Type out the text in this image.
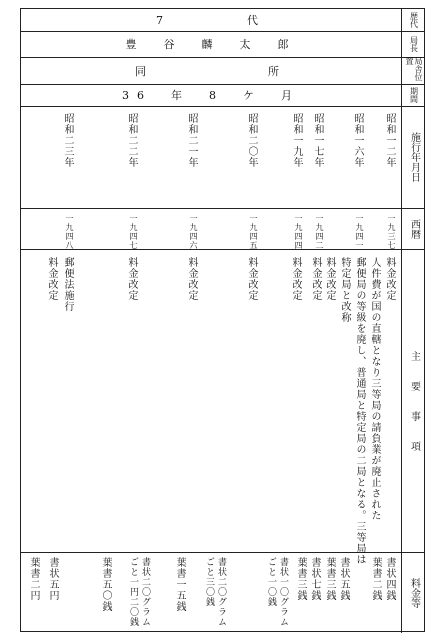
7　　　　代
豊　谷　麟　太　郎
同　　　　　　所
36　年　8　ケ　月
歴代
局長
局舎位置
期間
施行年月日
西暦
主　　要　　事　　項
料金等
昭和一二年
一九三七
料金改定
人件費が国の直轄となり三等局の請負業が廃止された
郵便局の等級を廃し、普通局と特定局の二局となる。三等局は
特定局と改称
書状四銭
葉書二銭
昭和一六年
一九四一
料金改定
書状五銭
葉書三銭
昭和一七年
一九四二
料金改定
書状七銭
葉書三銭
昭和一九年
一九四四
料金改定
書状一〇グラムごと一〇銭
昭和二〇年
一九四五
料金改定
書状二〇グラムごと三〇銭
葉書一五銭
昭和二一年
一九四六
料金改定
書状二〇グラムごと一円二〇銭
葉書五〇銭
昭和二二年
一九四七
料金改定
書状五円
葉書二円
昭和二三年
一九四八
郵便法施行
料金改定
